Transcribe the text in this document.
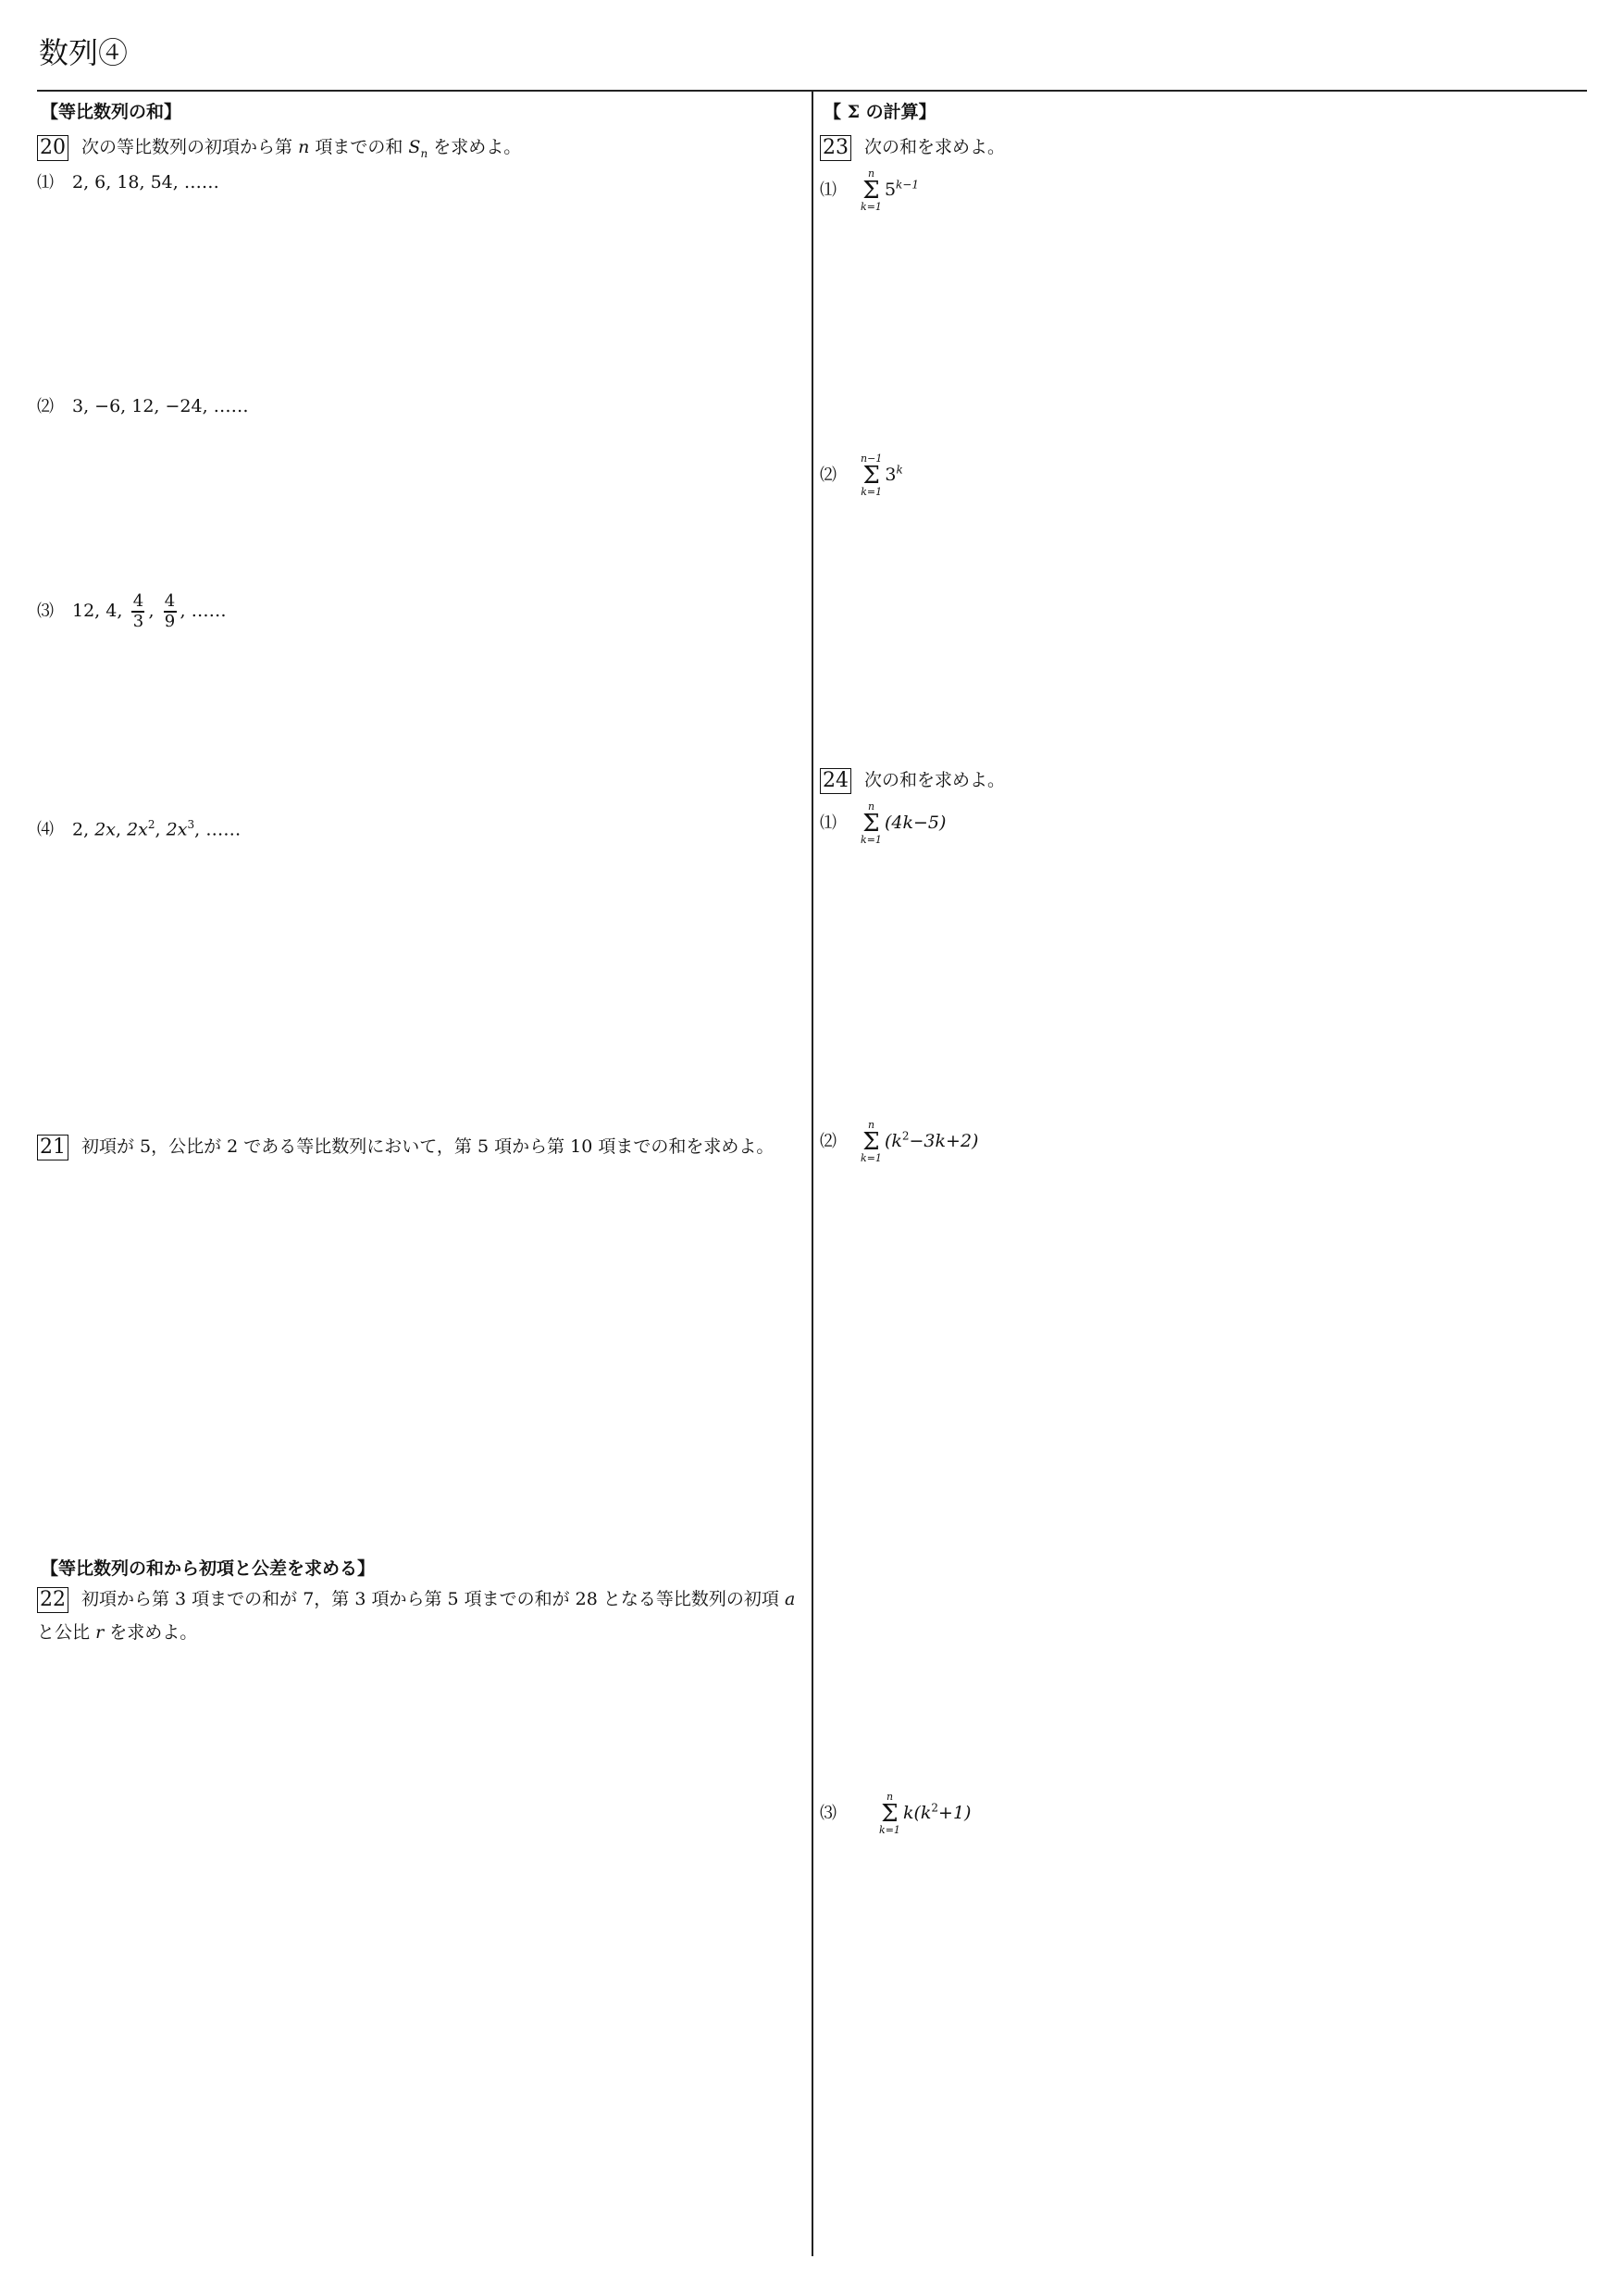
数列④
【等比数列の和】
20 次の等比数列の初項から第 n 項までの和 $S_n$ を求めよ。
⑴ 2, 6, 18, 54, ……
⑵ 3, −6, 12, −24, ……
⑶ 12, 4, $\frac{4}{3}$ , $\frac{4}{9}$ , ……
⑷ 2, 2x, $2x^2$, $2x^3$, ……
21 初項が 5，公比が 2 である等比数列において，第 5 項から第 10 項までの和を求めよ。
【等比数列の和から初項と公差を求める】
22 初項から第 3 項までの和が 7，第 3 項から第 5 項までの和が 28 となる等比数列の初項 a と公比 r を求めよ。
【 Σ の計算】
23 次の和を求めよ。
⑴
n
Σ
k=1
$5^{k-1}$
⑵
n−1
Σ
k=1
3$^k$
24 次の和を求めよ。
⑴
n
Σ
k=1
(4k−5)
⑵
n
Σ
k=1
$(k^2-3k+2)$
⑶
n
Σ
k=1
$k(k^2+1)$
